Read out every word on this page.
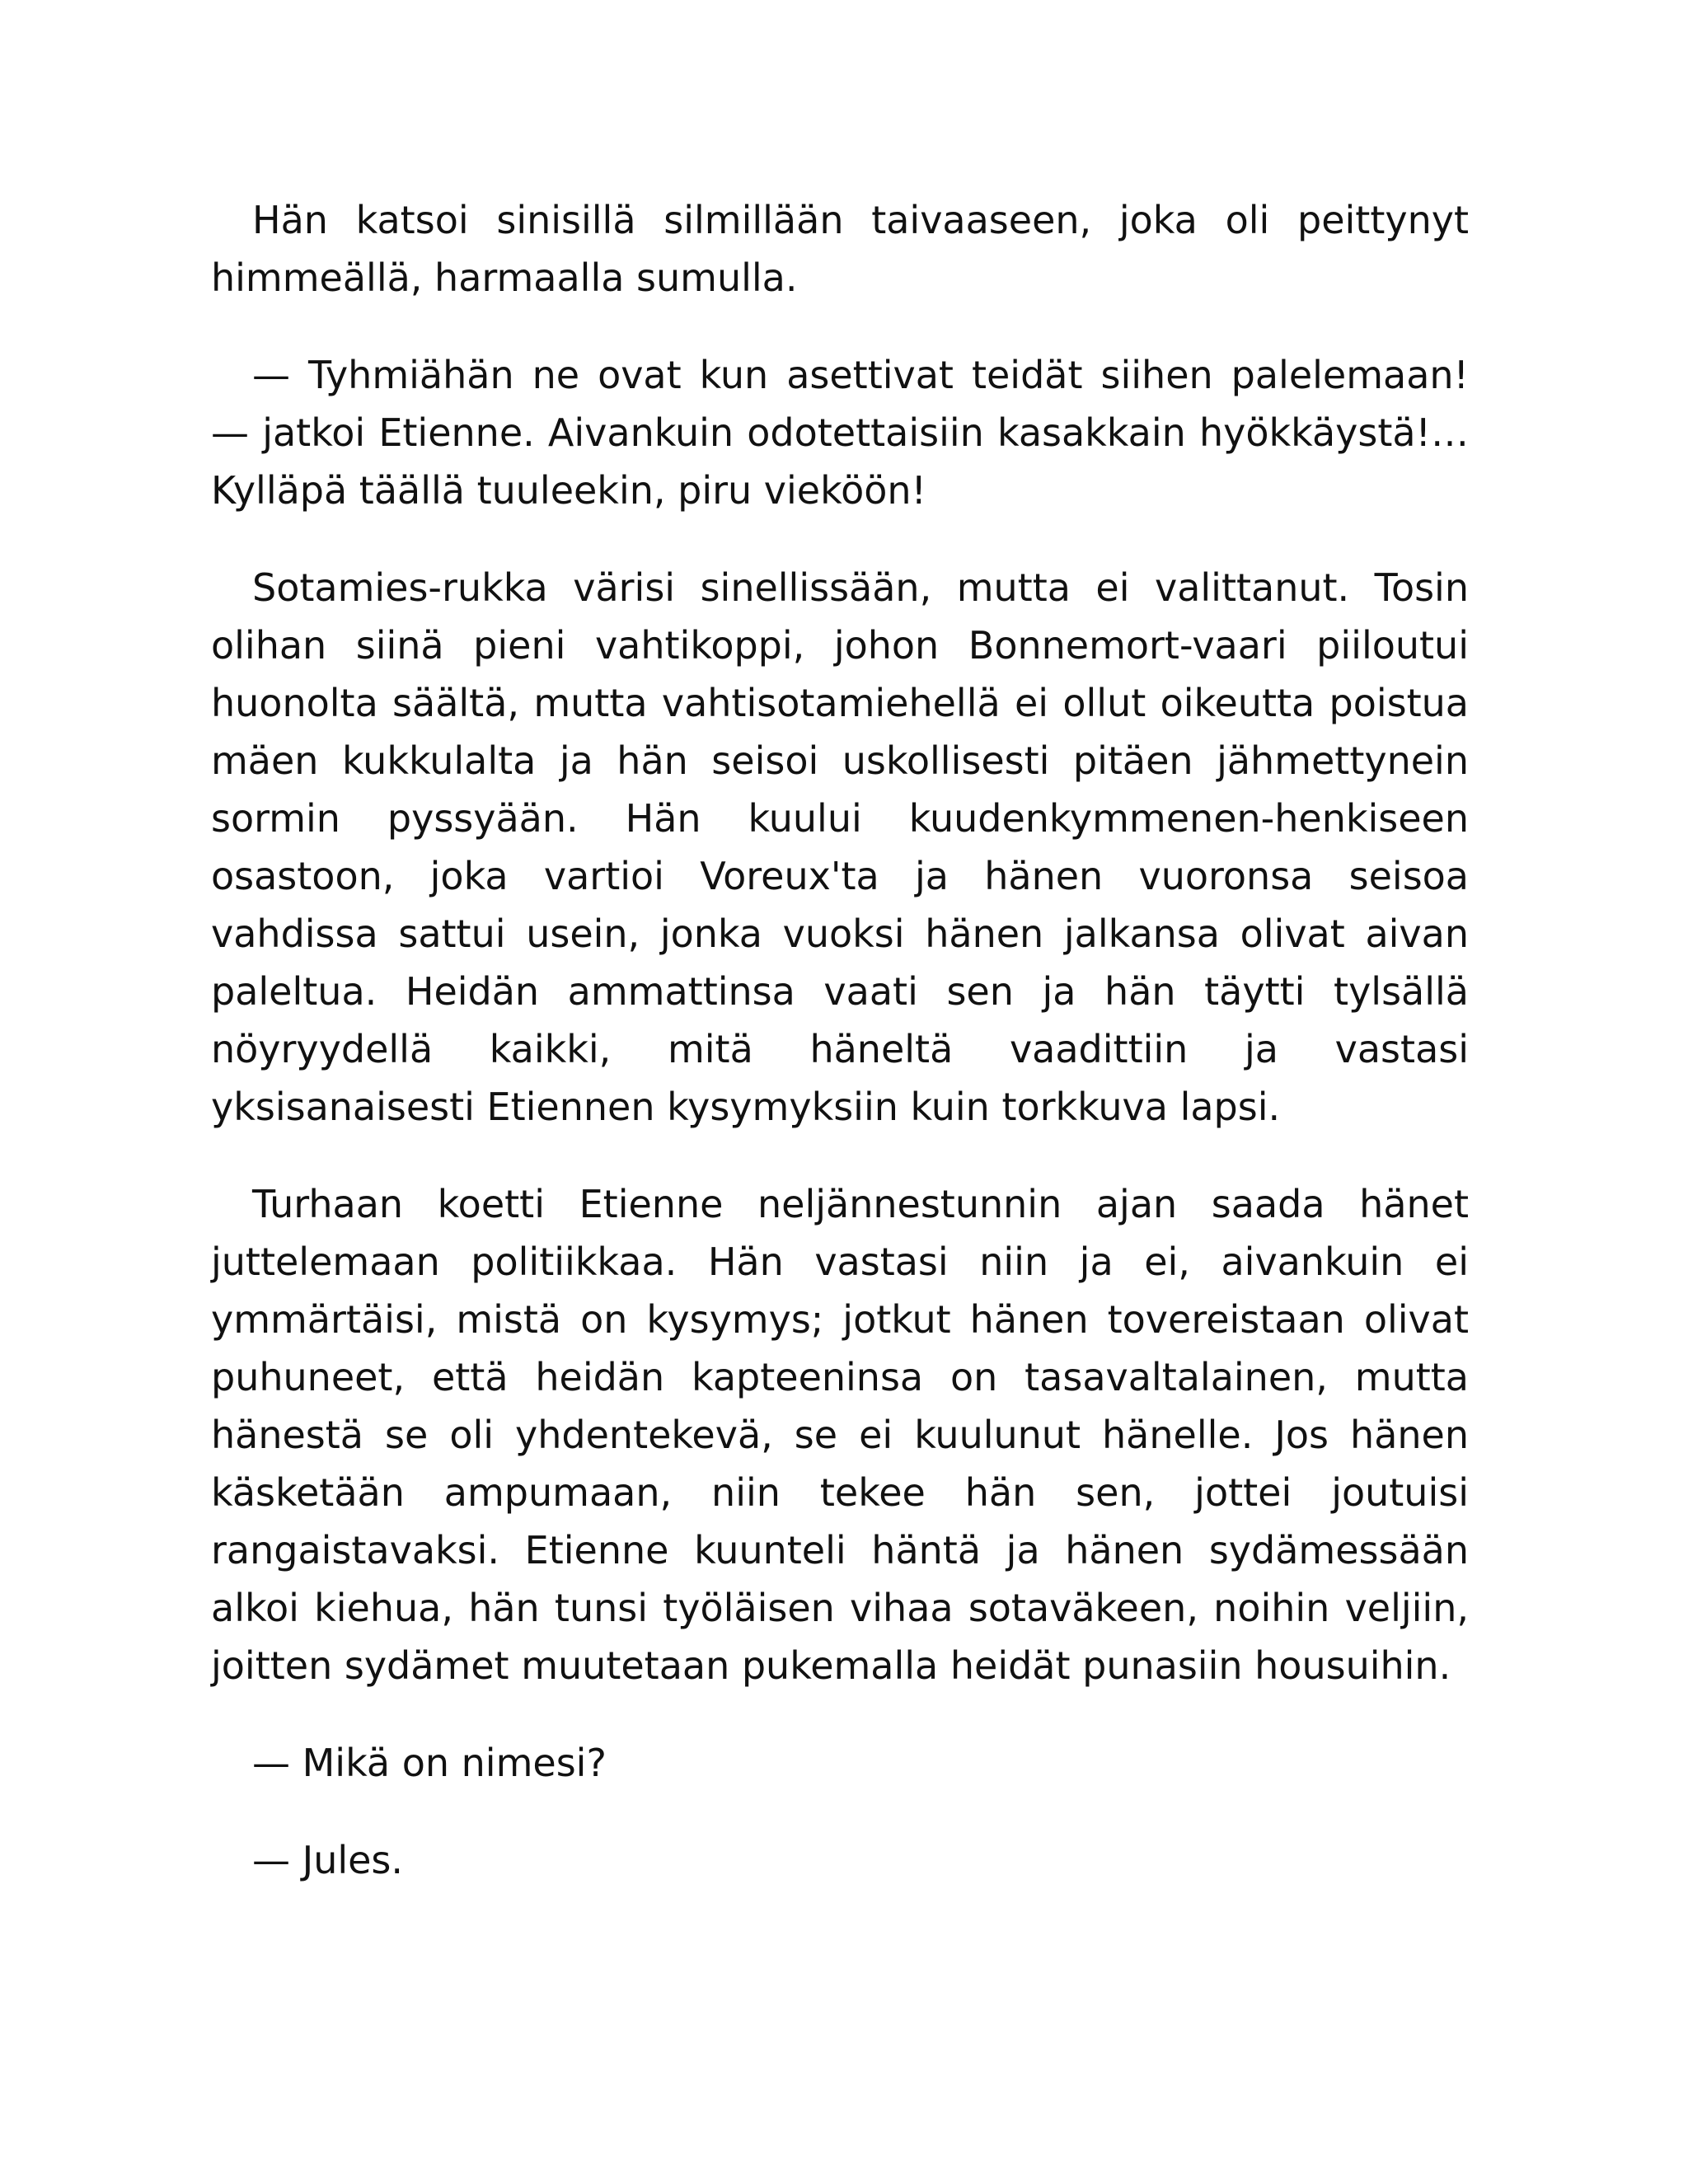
Hän katsoi sinisillä silmillään taivaaseen, joka oli peittynyt himmeällä, harmaalla sumulla.

— Tyhmiähän ne ovat kun asettivat teidät siihen palelemaan! — jatkoi Etienne. Aivankuin odotettaisiin kasakkain hyökkäystä!… Kylläpä täällä tuuleekin, piru vieköön!

Sotamies-rukka värisi sinellissään, mutta ei valittanut. Tosin olihan siinä pieni vahtikoppi, johon Bonnemort-vaari piiloutui huonolta säältä, mutta vahtisotamiehellä ei ollut oikeutta poistua mäen kukkulalta ja hän seisoi uskollisesti pitäen jähmettynein sormin pyssyään. Hän kuului kuudenkymmenen-henkiseen osastoon, joka vartioi Voreux'ta ja hänen vuoronsa seisoa vahdissa sattui usein, jonka vuoksi hänen jalkansa olivat aivan paleltua. Heidän ammattinsa vaati sen ja hän täytti tylsällä nöyryydellä kaikki, mitä häneltä vaadittiin ja vastasi yksisanaisesti Etiennen kysymyksiin kuin torkkuva lapsi.

Turhaan koetti Etienne neljännestunnin ajan saada hänet juttelemaan politiikkaa. Hän vastasi niin ja ei, aivankuin ei ymmärtäisi, mistä on kysymys; jotkut hänen tovereistaan olivat puhuneet, että heidän kapteeninsa on tasavaltalainen, mutta hänestä se oli yhdentekevä, se ei kuulunut hänelle. Jos hänen käsketään ampumaan, niin tekee hän sen, jottei joutuisi rangaistavaksi. Etienne kuunteli häntä ja hänen sydämessään alkoi kiehua, hän tunsi työläisen vihaa sotaväkeen, noihin veljiin, joitten sydämet muutetaan pukemalla heidät punasiin housuihin.

— Mikä on nimesi?

— Jules.
